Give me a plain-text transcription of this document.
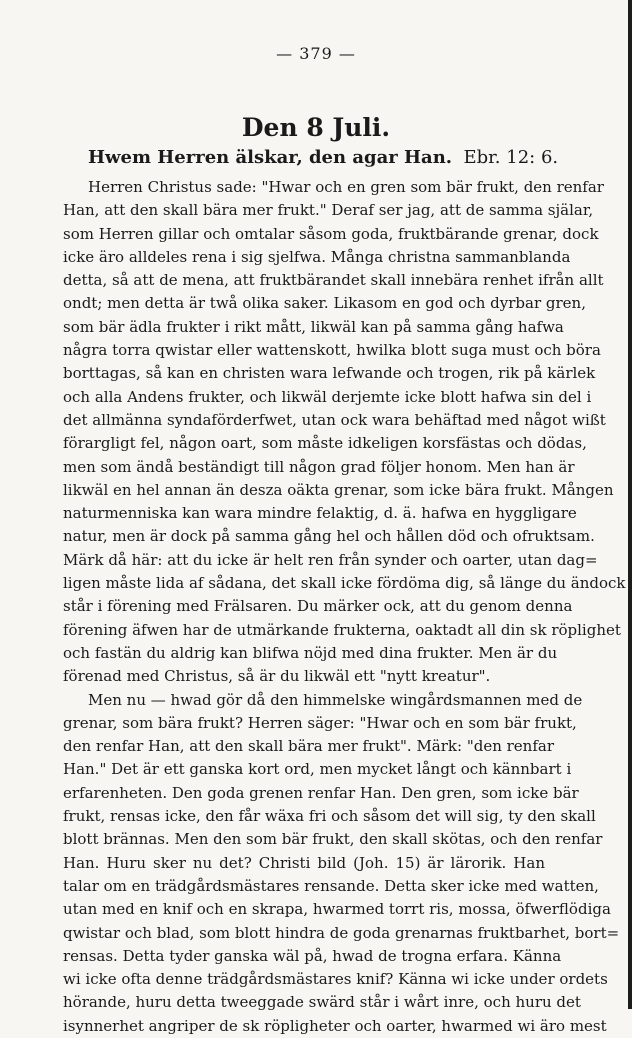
— 379 —
Den 8 Juli.
Hwem Herren älskar, den agar Han. Ebr. 12: 6.
Herren Christus sade: "Hwar och en gren som bär frukt, den renfar
Han, att den skall bära mer frukt." Deraf ser jag, att de samma själar,
som Herren gillar och omtalar såsom goda, fruktbärande grenar, dock
icke äro alldeles rena i sig sjelfwa. Många christna sammanblanda
detta, så att de mena, att fruktbärandet skall innebära renhet ifrån allt
ondt; men detta är twå olika saker. Likasom en god och dyrbar gren,
som bär ädla frukter i rikt mått, likwäl kan på samma gång hafwa
några torra qwistar eller wattenskott, hwilka blott suga must och böra
borttagas, så kan en christen wara lefwande och trogen, rik på kärlek
och alla Andens frukter, och likwäl derjemte icke blott hafwa sin del i
det allmänna syndaförderfwet, utan ock wara behäftad med något wißt
förargligt fel, någon oart, som måste idkeligen korsfästas och dödas,
men som ändå beständigt till någon grad följer honom. Men han är
likwäl en hel annan än desza oäkta grenar, som icke bära frukt. Mången
naturmenniska kan wara mindre felaktig, d. ä. hafwa en hyggligare
natur, men är dock på samma gång hel och hållen död och ofruktsam.
Märk då här: att du icke är helt ren från synder och oarter, utan dag=
ligen måste lida af sådana, det skall icke fördöma dig, så länge du ändock
står i förening med Frälsaren. Du märker ock, att du genom denna
förening äfwen har de utmärkande frukterna, oaktadt all din sk röplighet
och fastän du aldrig kan blifwa nöjd med dina frukter. Men är du
förenad med Christus, så är du likwäl ett "nytt kreatur".
Men nu — hwad gör då den himmelske wingårdsmannen med de
grenar, som bära frukt? Herren säger: "Hwar och en som bär frukt,
den renfar Han, att den skall bära mer frukt". Märk: "den renfar
Han." Det är ett ganska kort ord, men mycket långt och kännbart i
erfarenheten. Den goda grenen renfar Han. Den gren, som icke bär
frukt, rensas icke, den får wäxa fri och såsom det will sig, ty den skall
blott brännas. Men den som bär frukt, den skall skötas, och den renfar
Han. Huru sker nu det? Christi bild (Joh. 15) är lärorik. Han
talar om en trädgårdsmästares rensande. Detta sker icke med watten,
utan med en knif och en skrapa, hwarmed torrt ris, mossa, öfwerflödiga
qwistar och blad, som blott hindra de goda grenarnas fruktbarhet, bort=
rensas. Detta tyder ganska wäl på, hwad de trogna erfara. Känna
wi icke ofta denne trädgårdsmästares knif? Känna wi icke under ordets
hörande, huru detta tweeggade swärd står i wårt inre, och huru det
isynnerhet angriper de sk röpligheter och oarter, hwarmed wi äro mest
